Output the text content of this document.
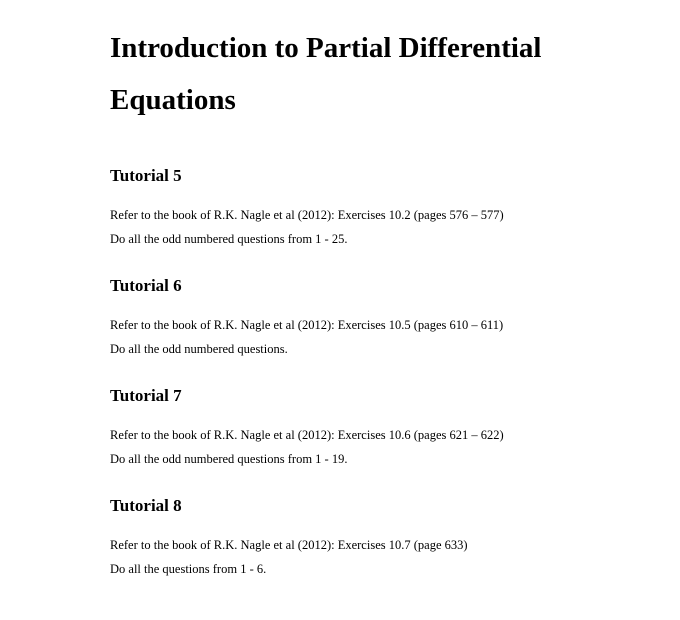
Introduction to Partial Differential Equations
Tutorial 5

Refer to the book of R.K. Nagle et al (2012): Exercises 10.2 (pages 576 – 577)

Do all the odd numbered questions from 1 - 25.

Tutorial 6

Refer to the book of R.K. Nagle et al (2012): Exercises 10.5 (pages 610 – 611)

Do all the odd numbered questions.

Tutorial 7

Refer to the book of R.K. Nagle et al (2012): Exercises 10.6 (pages 621 – 622)

Do all the odd numbered questions from 1 - 19.

Tutorial 8

Refer to the book of R.K. Nagle et al (2012): Exercises 10.7 (page 633)

Do all the questions from 1 - 6.
